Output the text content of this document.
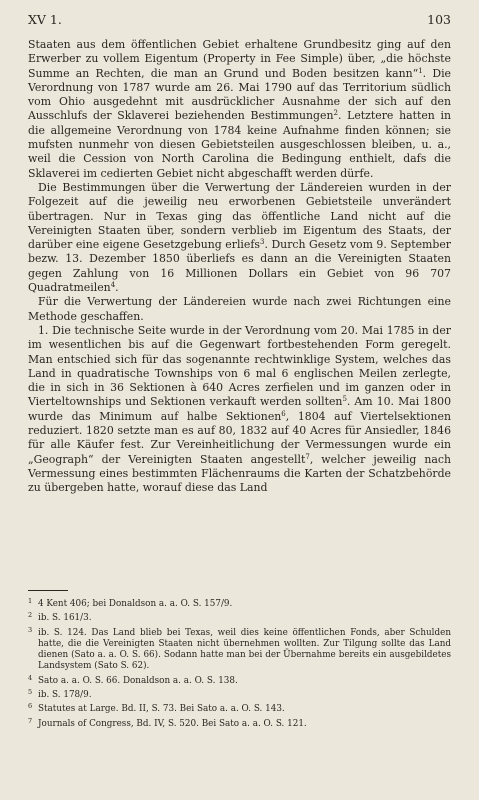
XV 1.	103

Staaten aus dem öffentlichen Gebiet erhaltene Grundbesitz ging auf den Erwerber zu vollem Eigentum (Property in Fee Simple) über, „die höchste Summe an Rechten, die man an Grund und Boden besitzen kann“$^1$. Die Verordnung von 1787 wurde am 26. Mai 1790 auf das Territorium südlich vom Ohio ausgedehnt mit ausdrücklicher Ausnahme der sich auf den Ausschlufs der Sklaverei beziehenden Bestimmungen$^2$. Letztere hatten in die allgemeine Verordnung von 1784 keine Aufnahme finden können; sie mufsten nunmehr von diesen Gebietsteilen ausgeschlossen bleiben, u. a., weil die Cession von North Carolina die Bedingung enthielt, dafs die Sklaverei im cedierten Gebiet nicht abgeschafft werden dürfe.

Die Bestimmungen über die Verwertung der Ländereien wurden in der Folgezeit auf die jeweilig neu erworbenen Gebietsteile unverändert übertragen. Nur in Texas ging das öffentliche Land nicht auf die Vereinigten Staaten über, sondern verblieb im Eigentum des Staats, der darüber eine eigene Gesetzgebung erliefs$^3$. Durch Gesetz vom 9. September bezw. 13. Dezember 1850 überliefs es dann an die Vereinigten Staaten gegen Zahlung von 16 Millionen Dollars ein Gebiet von 96 707 Quadratmeilen$^4$.

Für die Verwertung der Ländereien wurde nach zwei Richtungen eine Methode geschaffen.

1. Die technische Seite wurde in der Verordnung vom 20. Mai 1785 in der im wesentlichen bis auf die Gegenwart fortbestehenden Form geregelt. Man entschied sich für das sogenannte rechtwinklige System, welches das Land in quadratische Townships von 6 mal 6 englischen Meilen zerlegte, die in sich in 36 Sektionen à 640 Acres zerfielen und im ganzen oder in Vierteltownships und Sektionen verkauft werden sollten$^5$. Am 10. Mai 1800 wurde das Minimum auf halbe Sektionen$^6$, 1804 auf Viertelsektionen reduziert. 1820 setzte man es auf 80, 1832 auf 40 Acres für Ansiedler, 1846 für alle Käufer fest. Zur Vereinheitlichung der Vermessungen wurde ein „Geograph“ der Vereinigten Staaten angestellt$^7$, welcher jeweilig nach Vermessung eines bestimmten Flächenraums die Karten der Schatzbehörde zu übergeben hatte, worauf diese das Land

1 4 Kent 406; bei Donaldson a. a. O. S. 157/9.

2 ib. S. 161/3.

3 ib. S. 124. Das Land blieb bei Texas, weil dies keine öffentlichen Fonds, aber Schulden hatte, die die Vereinigten Staaten nicht übernehmen wollten. Zur Tilgung sollte das Land dienen (Sato a. a. O. S. 66). Sodann hatte man bei der Übernahme bereits ein ausgebildetes Landsystem (Sato S. 62).

4 Sato a. a. O. S. 66. Donaldson a. a. O. S. 138.

5 ib. S. 178/9.

6 Statutes at Large. Bd. II, S. 73. Bei Sato a. a. O. S. 143.

7 Journals of Congress, Bd. IV, S. 520. Bei Sato a. a. O. S. 121.
